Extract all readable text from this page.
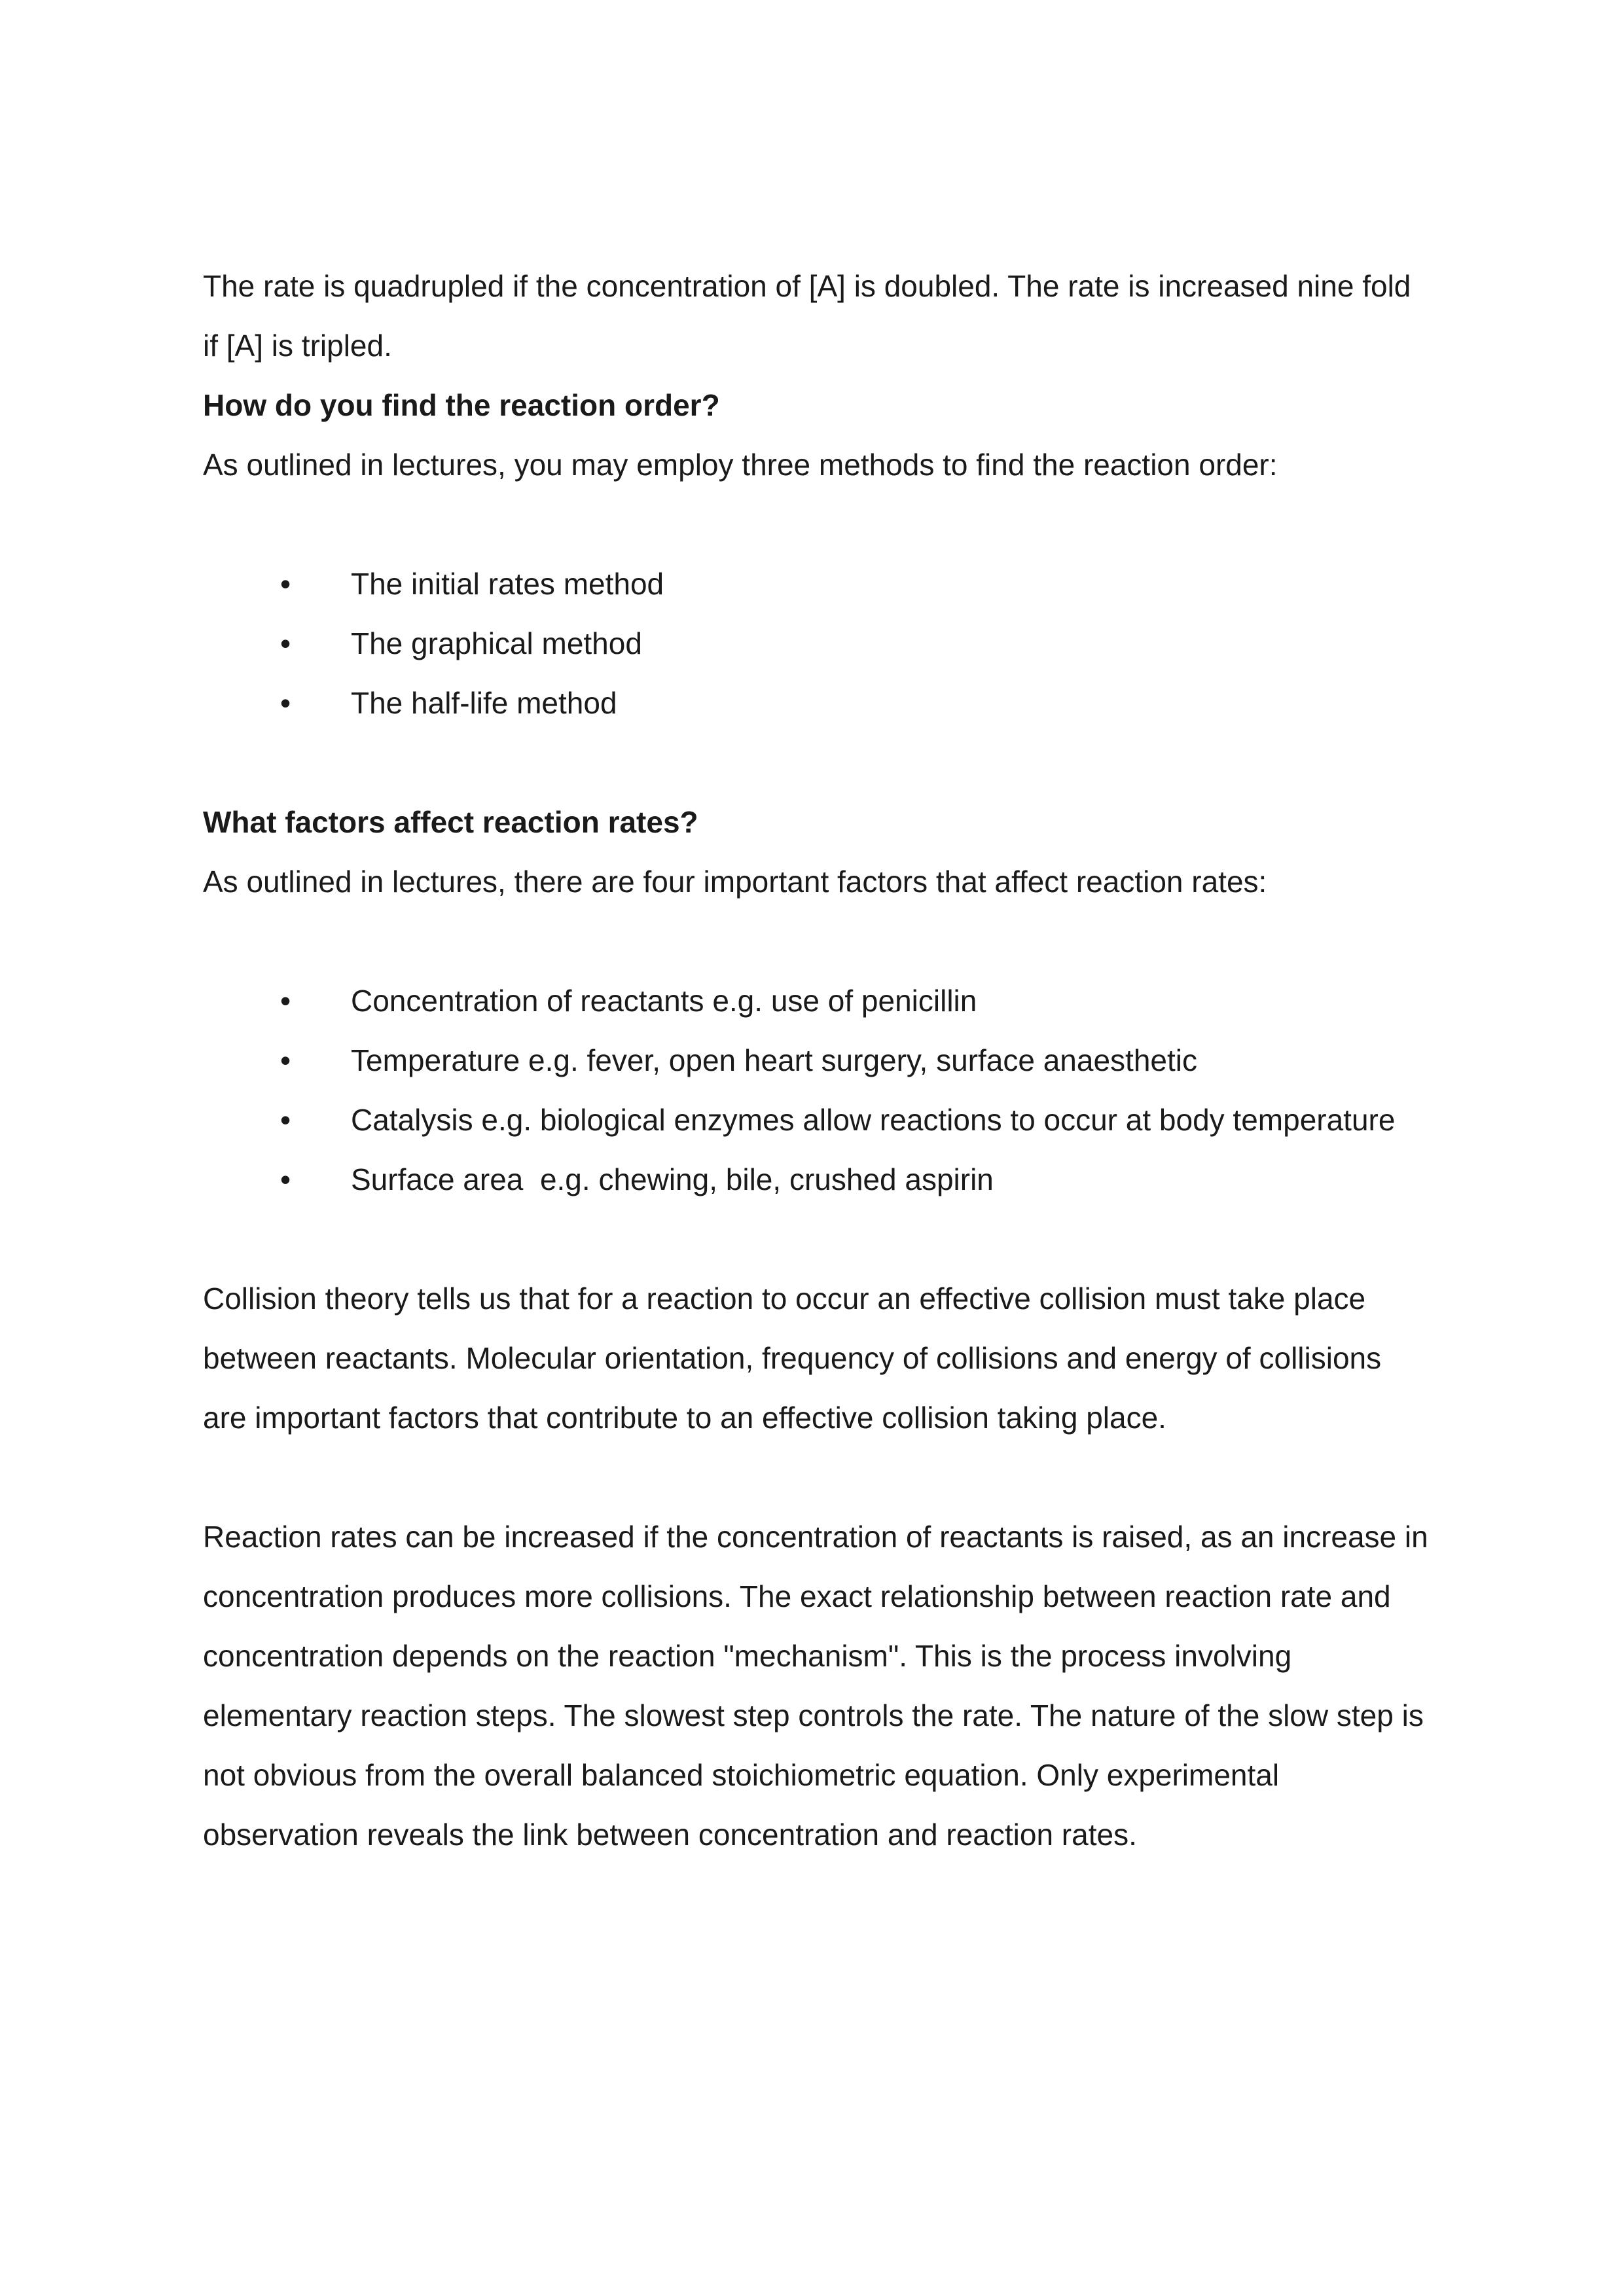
The rate is quadrupled if the concentration of [A] is doubled. The rate is increased nine fold if [A] is tripled.

How do you find the reaction order?

As outlined in lectures, you may employ three methods to find the reaction order:

• The initial rates method
• The graphical method
• The half-life method
What factors affect reaction rates?

As outlined in lectures, there are four important factors that affect reaction rates:

• Concentration of reactants e.g. use of penicillin
• Temperature e.g. fever, open heart surgery, surface anaesthetic
• Catalysis e.g. biological enzymes allow reactions to occur at body temperature
• Surface area  e.g. chewing, bile, crushed aspirin

Collision theory tells us that for a reaction to occur an effective collision must take place between reactants. Molecular orientation, frequency of collisions and energy of collisions are important factors that contribute to an effective collision taking place.

Reaction rates can be increased if the concentration of reactants is raised, as an increase in concentration produces more collisions. The exact relationship between reaction rate and concentration depends on the reaction "mechanism". This is the process involving elementary reaction steps. The slowest step controls the rate. The nature of the slow step is not obvious from the overall balanced stoichiometric equation. Only experimental observation reveals the link between concentration and reaction rates.
